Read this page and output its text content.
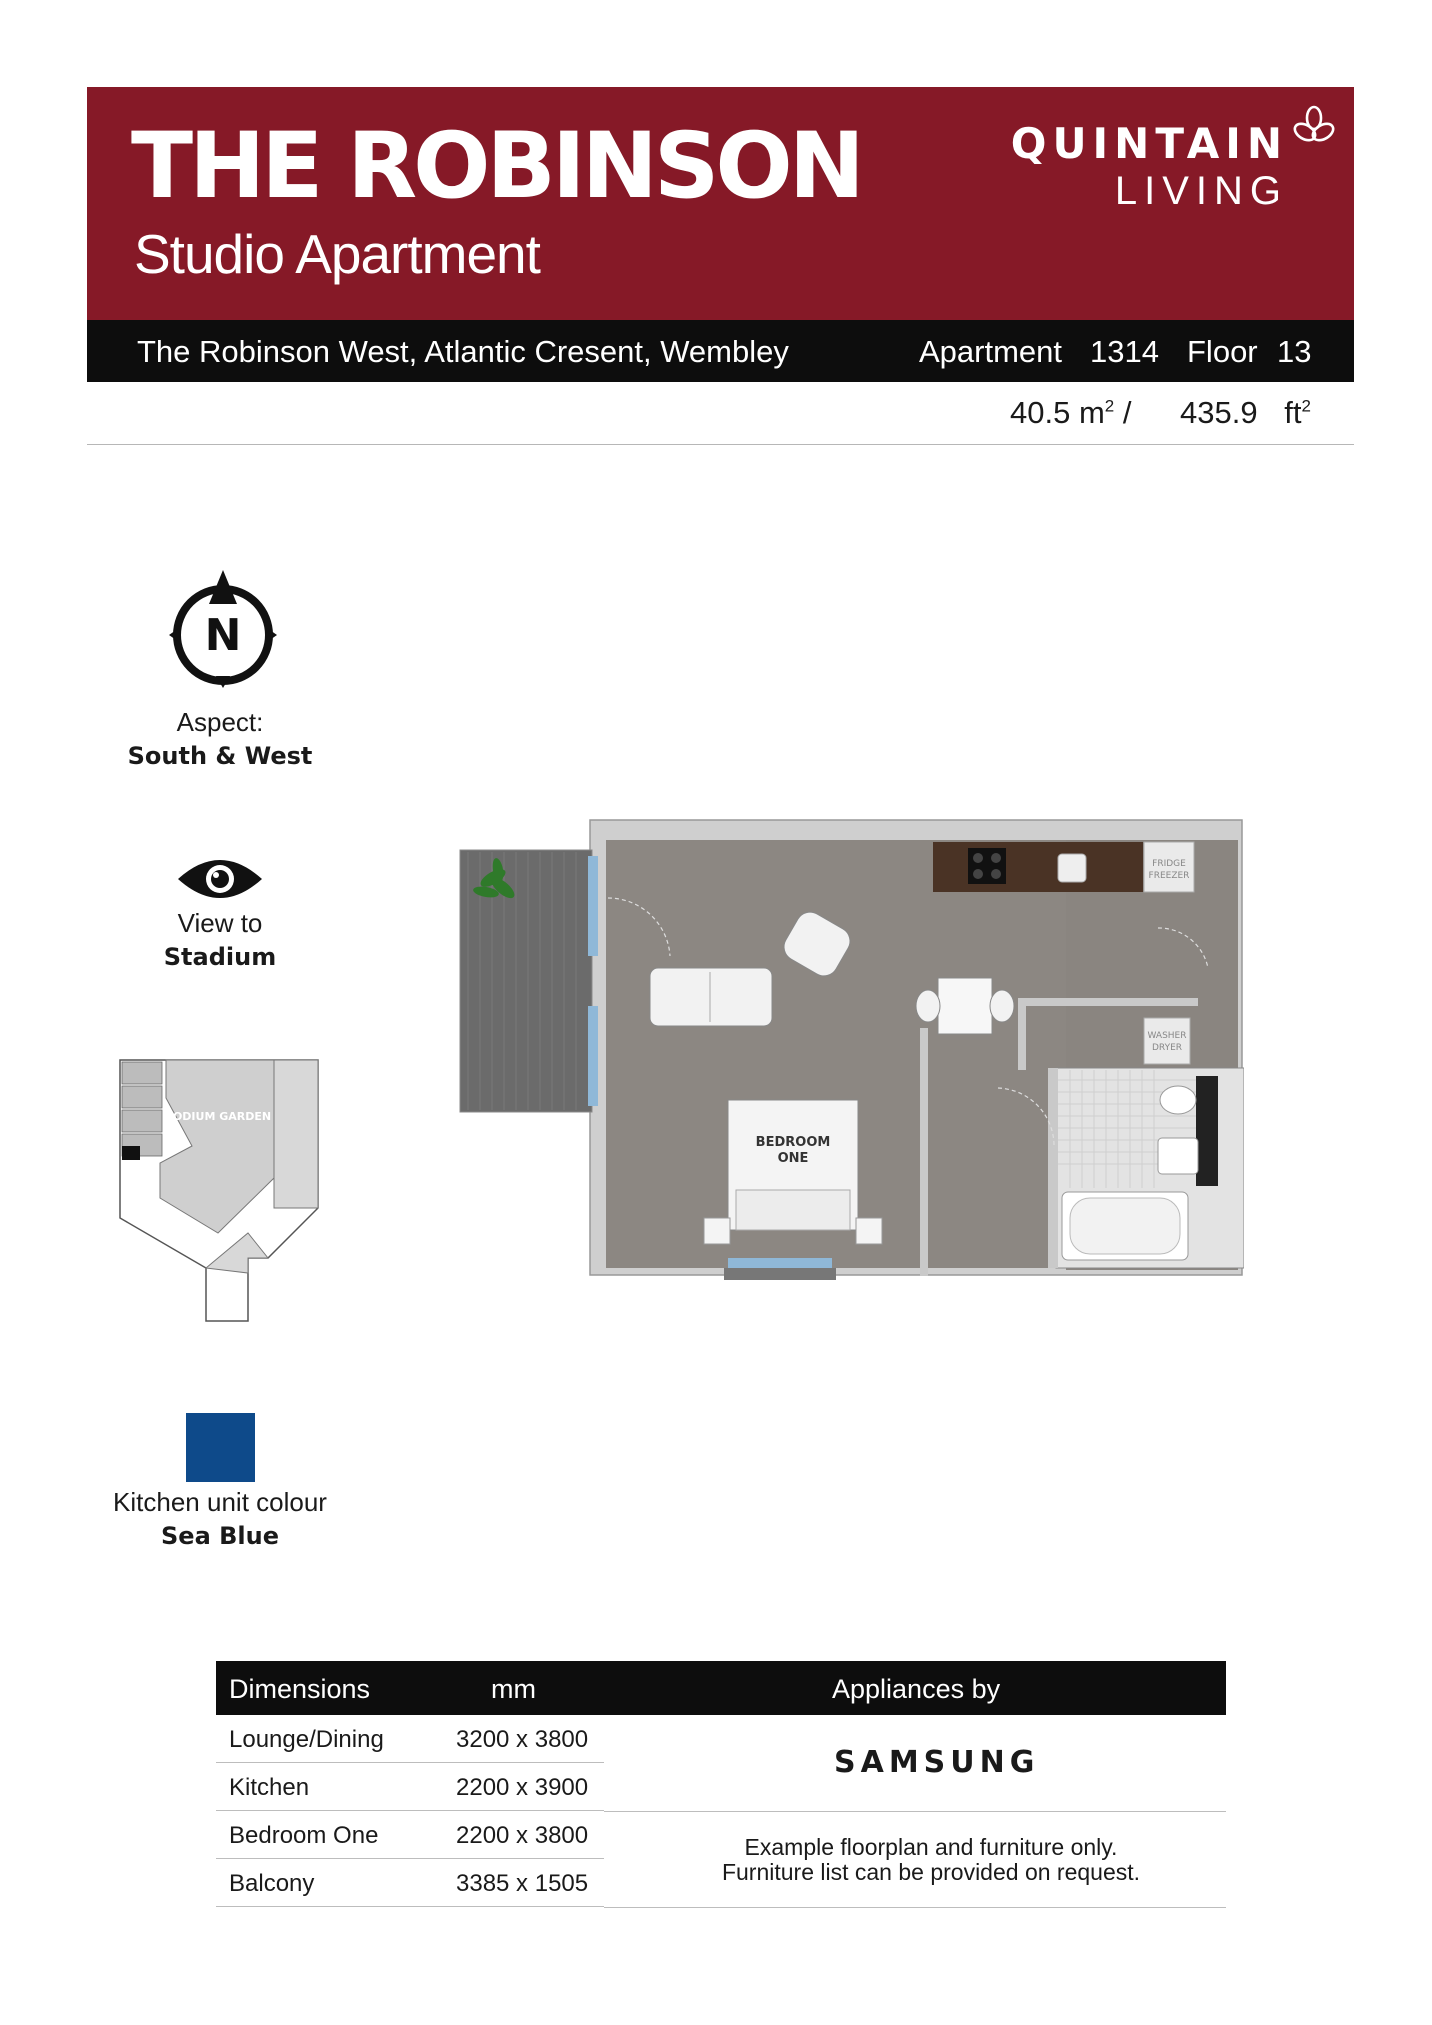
THE ROBINSON
Studio Apartment
QUINTAIN
LIVING
The Robinson West, Atlantic Cresent, Wembley	Apartment 1314 Floor 13
40.5 $m^2 / 435.9$ $ft^2$
N
Aspect:
South & West
View to
Stadium
PODIUM GARDEN
FRIDGE
FREEZER
WASHER
DRYER
BEDROOM
ONE
Kitchen unit colour
Sea Blue
Dimensions	mm	Appliances by
Lounge/Dining	3200 x 3800
Kitchen	2200 x 3900
Bedroom One	2200 x 3800
Balcony	3385 x 1505
SAMSUNG
Example floorplan and furniture only.
Furniture list can be provided on request.
